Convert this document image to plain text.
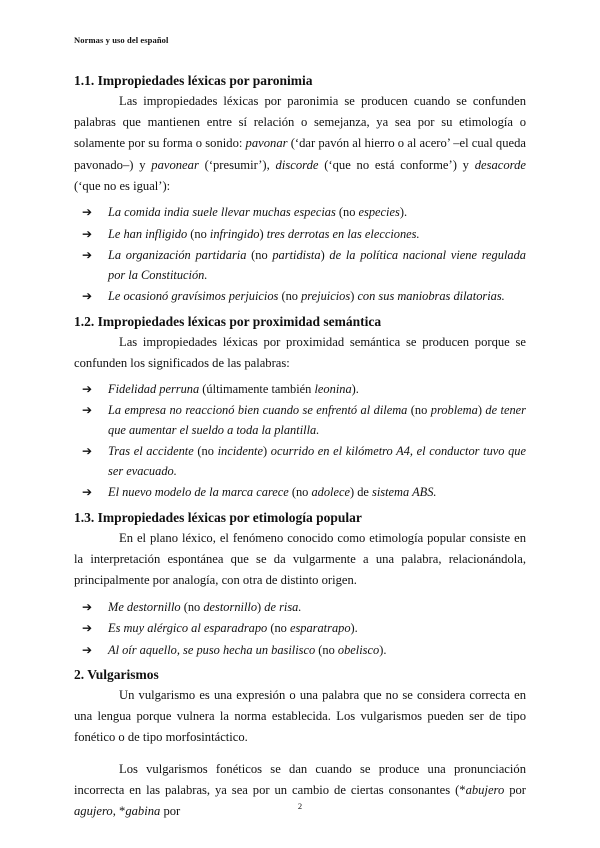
Normas y uso del español
1.1. Impropiedades léxicas por paronimia

Las impropiedades léxicas por paronimia se producen cuando se confunden palabras que mantienen entre sí relación o semejanza, ya sea por su etimología o solamente por su forma o sonido: pavonar (‘dar pavón al hierro o al acero’ –el cual queda pavonado–) y pavonear (‘presumir’), discorde (‘que no está conforme’) y desacorde (‘que no es igual’):

➔ La comida india suele llevar muchas especias (no especies).
➔ Le han infligido (no infringido) tres derrotas en las elecciones.
➔ La organización partidaria (no partidista) de la política nacional viene regulada por la Constitución.
➔ Le ocasionó gravísimos perjuicios (no prejuicios) con sus maniobras dilatorias.
1.2. Impropiedades léxicas por proximidad semántica

Las impropiedades léxicas por proximidad semántica se producen porque se confunden los significados de las palabras:

➔ Fidelidad perruna (últimamente también leonina).
➔ La empresa no reaccionó bien cuando se enfrentó al dilema (no problema) de tener que aumentar el sueldo a toda la plantilla.
➔ Tras el accidente (no incidente) ocurrido en el kilómetro A4, el conductor tuvo que ser evacuado.
➔ El nuevo modelo de la marca carece (no adolece) de sistema ABS.
1.3. Impropiedades léxicas por etimología popular

En el plano léxico, el fenómeno conocido como etimología popular consiste en la interpretación espontánea que se da vulgarmente a una palabra, relacionándola, principalmente por analogía, con otra de distinto origen.

➔ Me destornillo (no destornillo) de risa.
➔ Es muy alérgico al esparadrapo (no esparatrapo).
➔ Al oír aquello, se puso hecha un basilisco (no obelisco).
2. Vulgarismos

Un vulgarismo es una expresión o una palabra que no se considera correcta en una lengua porque vulnera la norma establecida. Los vulgarismos pueden ser de tipo fonético o de tipo morfosintáctico.

Los vulgarismos fonéticos se dan cuando se produce una pronunciación incorrecta en las palabras, ya sea por un cambio de ciertas consonantes (*abujero por agujero, *gabina por	2
